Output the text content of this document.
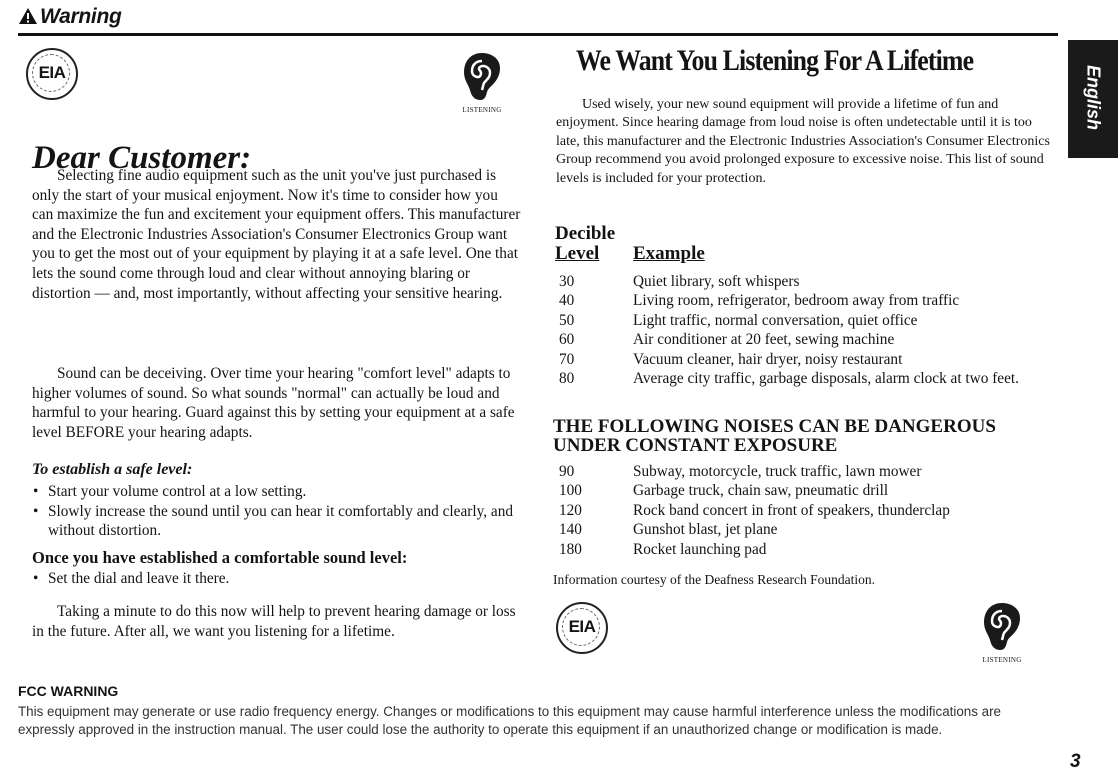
Warning
English
EIA
LISTENING
Dear Customer:

Selecting fine audio equipment such as the unit you've just purchased is only the start of your musical enjoyment. Now it's time to consider how you can maximize the fun and excitement your equipment offers. This manufacturer and the Electronic Industries Association's Consumer Electronics Group want you to get the most out of your equipment by playing it at a safe level. One that lets the sound come through loud and clear without annoying blaring or distortion — and, most importantly, without affecting your sensitive hearing.

Sound can be deceiving. Over time your hearing "comfort level" adapts to higher volumes of sound. So what sounds "normal" can actually be loud and harmful to your hearing. Guard against this by setting your equipment at a safe level BEFORE your hearing adapts.

To establish a safe level:
• Start your volume control at a low setting.
• Slowly increase the sound until you can hear it comfortably and clearly, and without distortion.
Once you have established a comfortable sound level:
• Set the dial and leave it there.

Taking a minute to do this now will help to prevent hearing damage or loss in the future. After all, we want you listening for a lifetime.

We Want You Listening For A Lifetime

Used wisely, your new sound equipment will provide a lifetime of fun and enjoyment. Since hearing damage from loud noise is often undetectable until it is too late, this manufacturer and the Electronic Industries Association's Consumer Electronics Group recommend you avoid prolonged exposure to excessive noise. This list of sound levels is included for your protection.

Decible
Level Example
30	Quiet library, soft whispers
40	Living room, refrigerator, bedroom away from traffic
50	Light traffic, normal conversation, quiet office
60	Air conditioner at 20 feet, sewing machine
70	Vacuum cleaner, hair dryer, noisy restaurant
80	Average city traffic, garbage disposals, alarm clock at two feet.
THE FOLLOWING NOISES CAN BE DANGEROUS UNDER CONSTANT EXPOSURE
90	Subway, motorcycle, truck traffic, lawn mower
100	Garbage truck, chain saw, pneumatic drill
120	Rock band concert in front of speakers, thunderclap
140	Gunshot blast, jet plane
180	Rocket launching pad
Information courtesy of the Deafness Research Foundation.
EIA
LISTENING
FCC WARNING
This equipment may generate or use radio frequency energy. Changes or modifications to this equipment may cause harmful interference unless the modifications are expressly approved in the instruction manual. The user could lose the authority to operate this equipment if an unauthorized change or modification is made.
3
